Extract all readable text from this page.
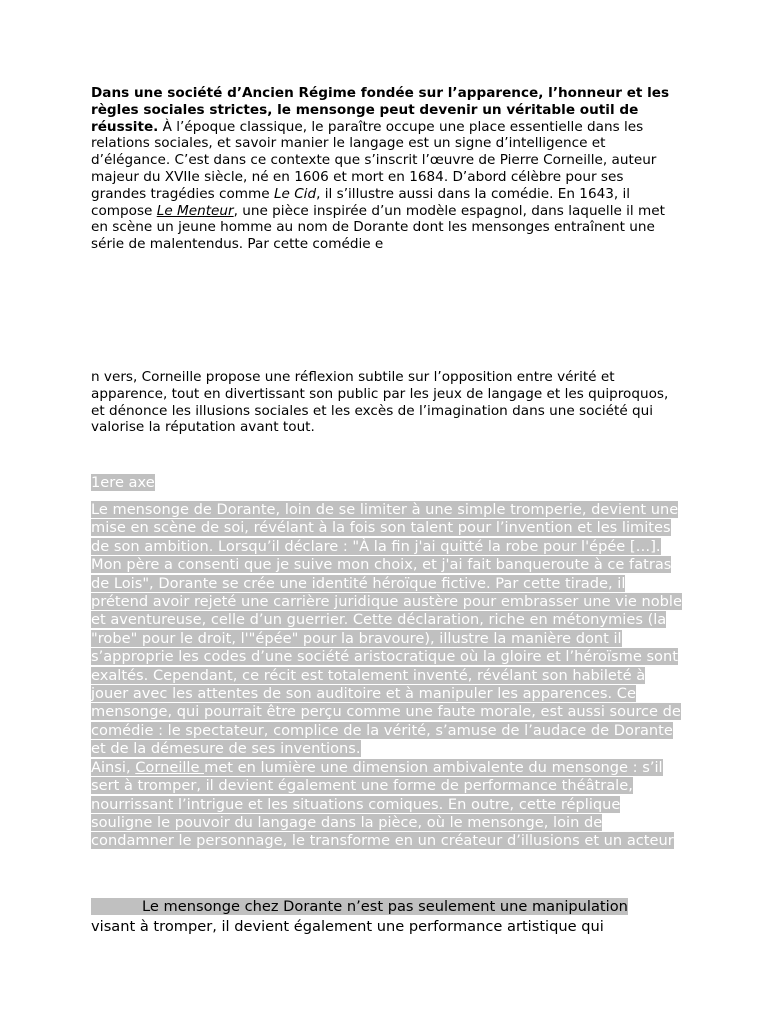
Dans une société d’Ancien Régime fondée sur l’apparence, l’honneur et les règles sociales strictes, le mensonge peut devenir un véritable outil de réussite. À l’époque classique, le paraître occupe une place essentielle dans les relations sociales, et savoir manier le langage est un signe d’intelligence et d’élégance. C’est dans ce contexte que s’inscrit l’œuvre de Pierre Corneille, auteur majeur du XVIIe siècle, né en 1606 et mort en 1684. D’abord célèbre pour ses grandes tragédies comme Le Cid, il s’illustre aussi dans la comédie. En 1643, il compose Le Menteur, une pièce inspirée d’un modèle espagnol, dans laquelle il met en scène un jeune homme au nom de Dorante dont les mensonges entraînent une série de malentendus. Par cette comédie e
n vers, Corneille propose une réflexion subtile sur l’opposition entre vérité et apparence, tout en divertissant son public par les jeux de langage et les quiproquos, et dénonce les illusions sociales et les excès de l’imagination dans une société qui valorise la réputation avant tout.
1ere axe
Le mensonge de Dorante, loin de se limiter à une simple tromperie, devient une mise en scène de soi, révélant à la fois son talent pour l’invention et les limites de son ambition. Lorsqu’il déclare : "À la fin j'ai quitté la robe pour l'épée […]. Mon père a consenti que je suive mon choix, et j'ai fait banqueroute à ce fatras de Lois", Dorante se crée une identité héroïque fictive. Par cette tirade, il prétend avoir rejeté une carrière juridique austère pour embrasser une vie noble et aventureuse, celle d’un guerrier. Cette déclaration, riche en métonymies (la "robe" pour le droit, l'"épée" pour la bravoure), illustre la manière dont il s’approprie les codes d’une société aristocratique où la gloire et l’héroïsme sont exaltés. Cependant, ce récit est totalement inventé, révélant son habileté à jouer avec les attentes de son auditoire et à manipuler les apparences. Ce mensonge, qui pourrait être perçu comme une faute morale, est aussi source de comédie : le spectateur, complice de la vérité, s’amuse de l’audace de Dorante et de la démesure de ses inventions.
Ainsi, Corneille met en lumière une dimension ambivalente du mensonge : s’il sert à tromper, il devient également une forme de performance théâtrale, nourrissant l’intrigue et les situations comiques. En outre, cette réplique souligne le pouvoir du langage dans la pièce, où le mensonge, loin de condamner le personnage, le transforme en un créateur d’illusions et un acteur
Le mensonge chez Dorante n’est pas seulement une manipulation
visant à tromper, il devient également une performance artistique qui
